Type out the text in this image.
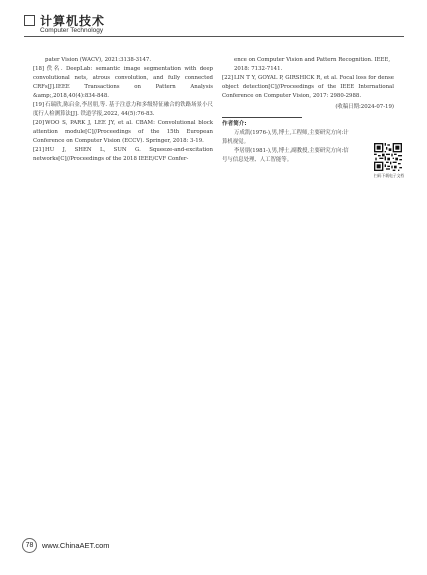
计算机技术
Computer Technology
pater Vision (WACV), 2021:3138-3147.
[18]佚名. DeepLab: semantic image segmentation with deep convolutional nets, atrous convolution, and fully connected CRFs[J].IEEE Transactions on Pattern Analysis &amp;,2018,40(4):834-848.
[19]石瑞欣,陈启金,李居朋,等. 基于注意力和多级特征融合的铁路场景小尺度行人检测算法[J]. 铁道学报,2022, 44(5):76-83.
[20]WOO S, PARK J, LEE JY, et al. CBAM: Convolutional block attention module[C]//Proceedings of the 15th European Conference on Computer Vision (ECCV). Springer, 2018: 3-19.
[21]HU J, SHEN L, SUN G. Squeeze-and-excitation networks[C]//Proceedings of the 2018 IEEE/CVF Confer-
ence on Computer Vision and Pattern Recognition. IEEE, 2018: 7132-7141.
[22]LIN T Y, GOYAL P, GIRSHICK R, et al. Focal loss for dense object detection[C]//Proceedings of the IEEE International Conference on Computer Vision, 2017: 2980-2988.
(收稿日期:2024-07-19)
作者简介:
万成凯(1976-),男,博士,工程师,主要研究方向:计算机视觉。
李居朋(1981-),男,博士,副教授,主要研究方向:信号与信息处理、人工智能等。
扫码下载电子文档
78	www.ChinaAET.com
